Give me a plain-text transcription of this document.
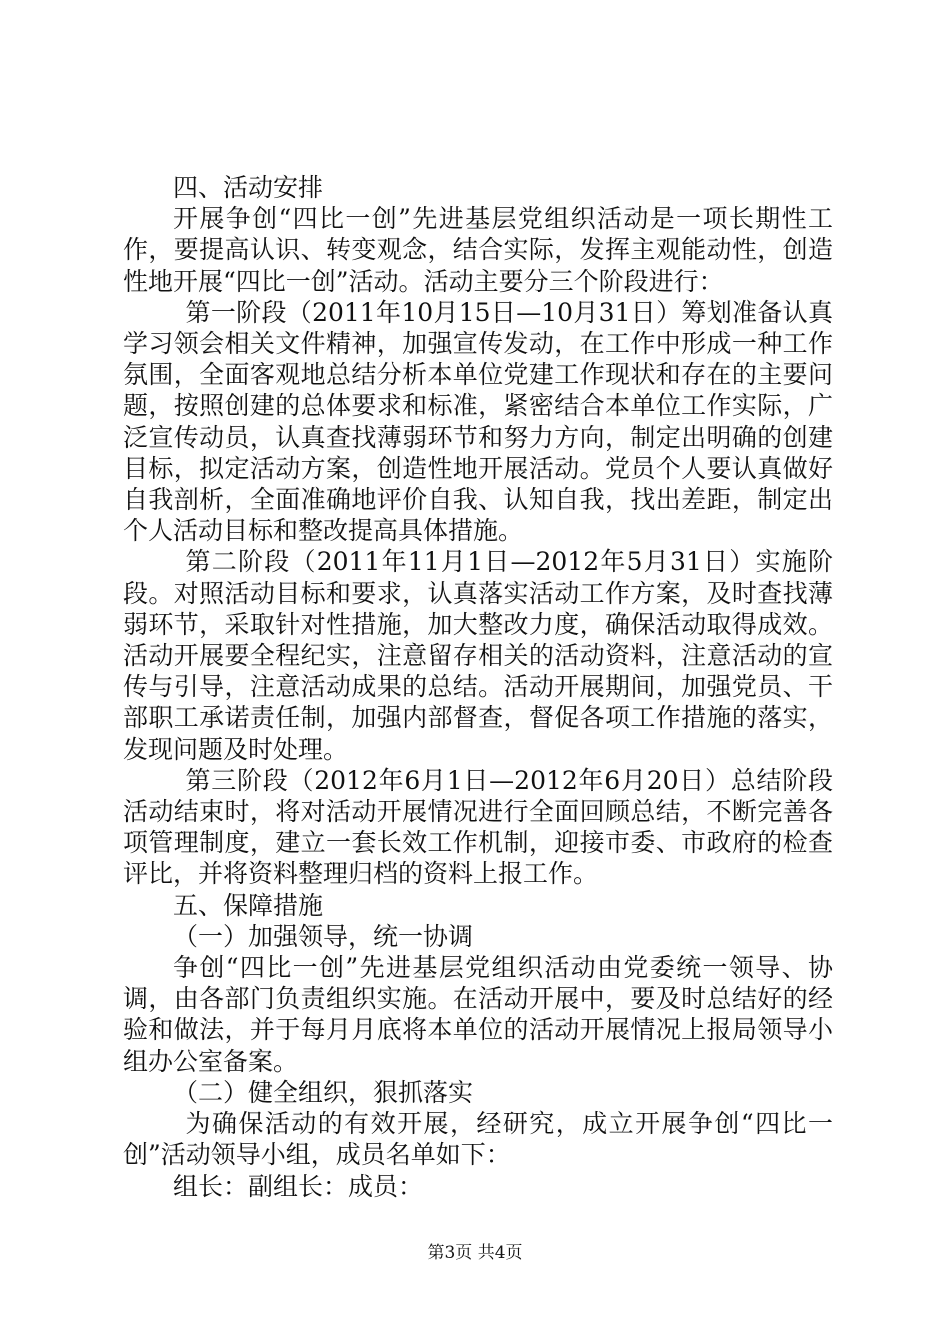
四、活动安排

开展争创“四比一创”先进基层党组织活动是一项长期性工作，要提高认识、转变观念，结合实际，发挥主观能动性，创造性地开展“四比一创”活动。活动主要分三个阶段进行：

第一阶段（2011年10月15日—10月31日）筹划准备认真学习领会相关文件精神，加强宣传发动，在工作中形成一种工作氛围，全面客观地总结分析本单位党建工作现状和存在的主要问题，按照创建的总体要求和标准，紧密结合本单位工作实际，广泛宣传动员，认真查找薄弱环节和努力方向，制定出明确的创建目标，拟定活动方案，创造性地开展活动。党员个人要认真做好自我剖析，全面准确地评价自我、认知自我，找出差距，制定出个人活动目标和整改提高具体措施。

第二阶段（2011年11月1日—2012年5月31日）实施阶段。对照活动目标和要求，认真落实活动工作方案，及时查找薄弱环节，采取针对性措施，加大整改力度，确保活动取得成效。活动开展要全程纪实，注意留存相关的活动资料，注意活动的宣传与引导，注意活动成果的总结。活动开展期间，加强党员、干部职工承诺责任制，加强内部督查，督促各项工作措施的落实，发现问题及时处理。

第三阶段（2012年6月1日—2012年6月20日）总结阶段活动结束时，将对活动开展情况进行全面回顾总结，不断完善各项管理制度，建立一套长效工作机制，迎接市委、市政府的检查评比，并将资料整理归档的资料上报工作。

五、保障措施

（一）加强领导，统一协调

争创“四比一创”先进基层党组织活动由党委统一领导、协调，由各部门负责组织实施。在活动开展中，要及时总结好的经验和做法，并于每月月底将本单位的活动开展情况上报局领导小组办公室备案。

（二）健全组织，狠抓落实

为确保活动的有效开展，经研究，成立开展争创“四比一创”活动领导小组，成员名单如下：

组长：副组长：成员：

第3页 共4页
